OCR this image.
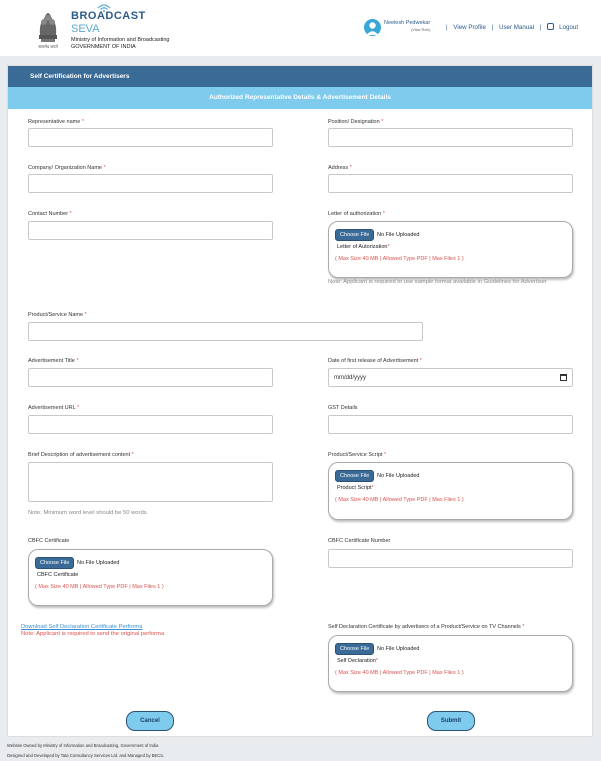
सत्यमेव जयते
BROADCAST
SEVA
Ministry of Information and Broadcasting
GOVERNMENT OF INDIA
Neelesh Pedwekar
(View Role)	| View Profile | User Manual |	Logout
Self Certification for Advertisers
Authorized Representative Details & Advertisement Details
Representative name *	Position/ Designation *
Company/ Organization Name *	Address *
Contact Number *	Letter of authorization *
Choose File	No File Uploaded
Letter of Autorization*
( Max Size 40 MB | Allowed Type PDF | Max Files 1 )
Note: Applicant is required to use sample format available in Guidelines for Advertiser
Product/Service Name *
Advertisement Title *	Date of first release of Advertisement *
mm/dd/yyyy
Advertisement URL *	GST Details
Brief Description of advertisement content *
Note: Minimum word level should be 50 words.
Product/Service Script *
Choose File	No File Uploaded
Product Script*
( Max Size 40 MB | Allowed Type PDF | Max Files 1 )
CBFC Certificate
Choose File	No File Uploaded
CBFC Certificate
( Max Size 40 MB | Allowed Type PDF | Max Files 1 )
CBFC Certificate Number
Download Self Declaration Certificate Performa
Note: Applicant is required to send the original performa
Self Declaration Certificate by advertisers of a Product/Service on TV Channels *
Choose File	No File Uploaded
Self Declaration*
( Max Size 40 MB | Allowed Type PDF | Max Files 1 )
Cancel	Submit
Website Owned by Ministry of Information and Broadcasting, Government of India
Designed and Developed by Tata Consultancy Services Ltd. and Managed by BECIL
